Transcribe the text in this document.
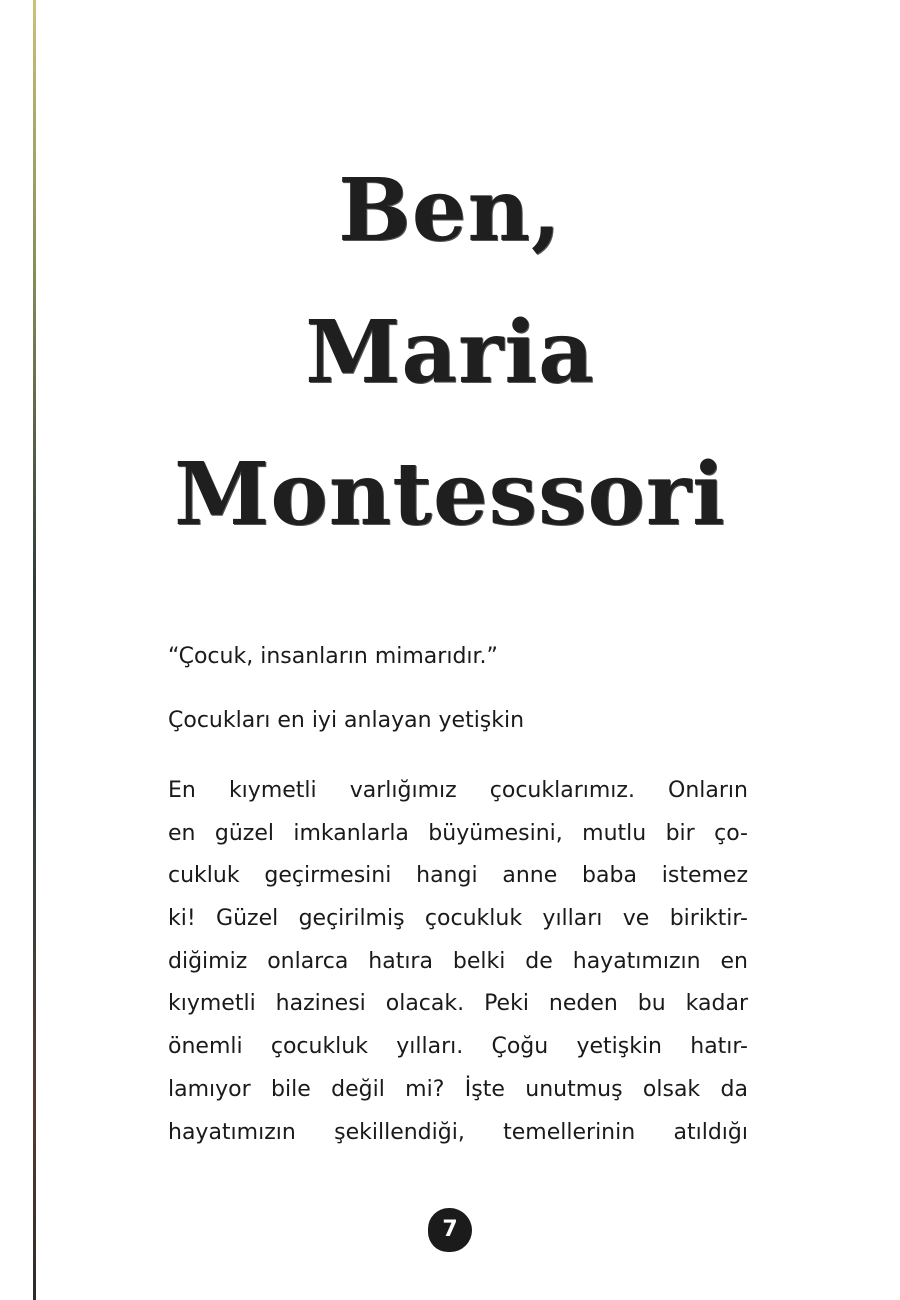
Ben,
Maria
Montessori
“Çocuk, insanların mimarıdır.”
Çocukları en iyi anlayan yetişkin
En kıymetli varlığımız çocuklarımız. Onların
en güzel imkanlarla büyümesini, mutlu bir ço-
cukluk geçirmesini hangi anne baba istemez
ki! Güzel geçirilmiş çocukluk yılları ve biriktir-
diğimiz onlarca hatıra belki de hayatımızın en
kıymetli hazinesi olacak. Peki neden bu kadar
önemli çocukluk yılları. Çoğu yetişkin hatır-
lamıyor bile değil mi? İşte unutmuş olsak da
hayatımızın şekillendiği, temellerinin atıldığı
7
